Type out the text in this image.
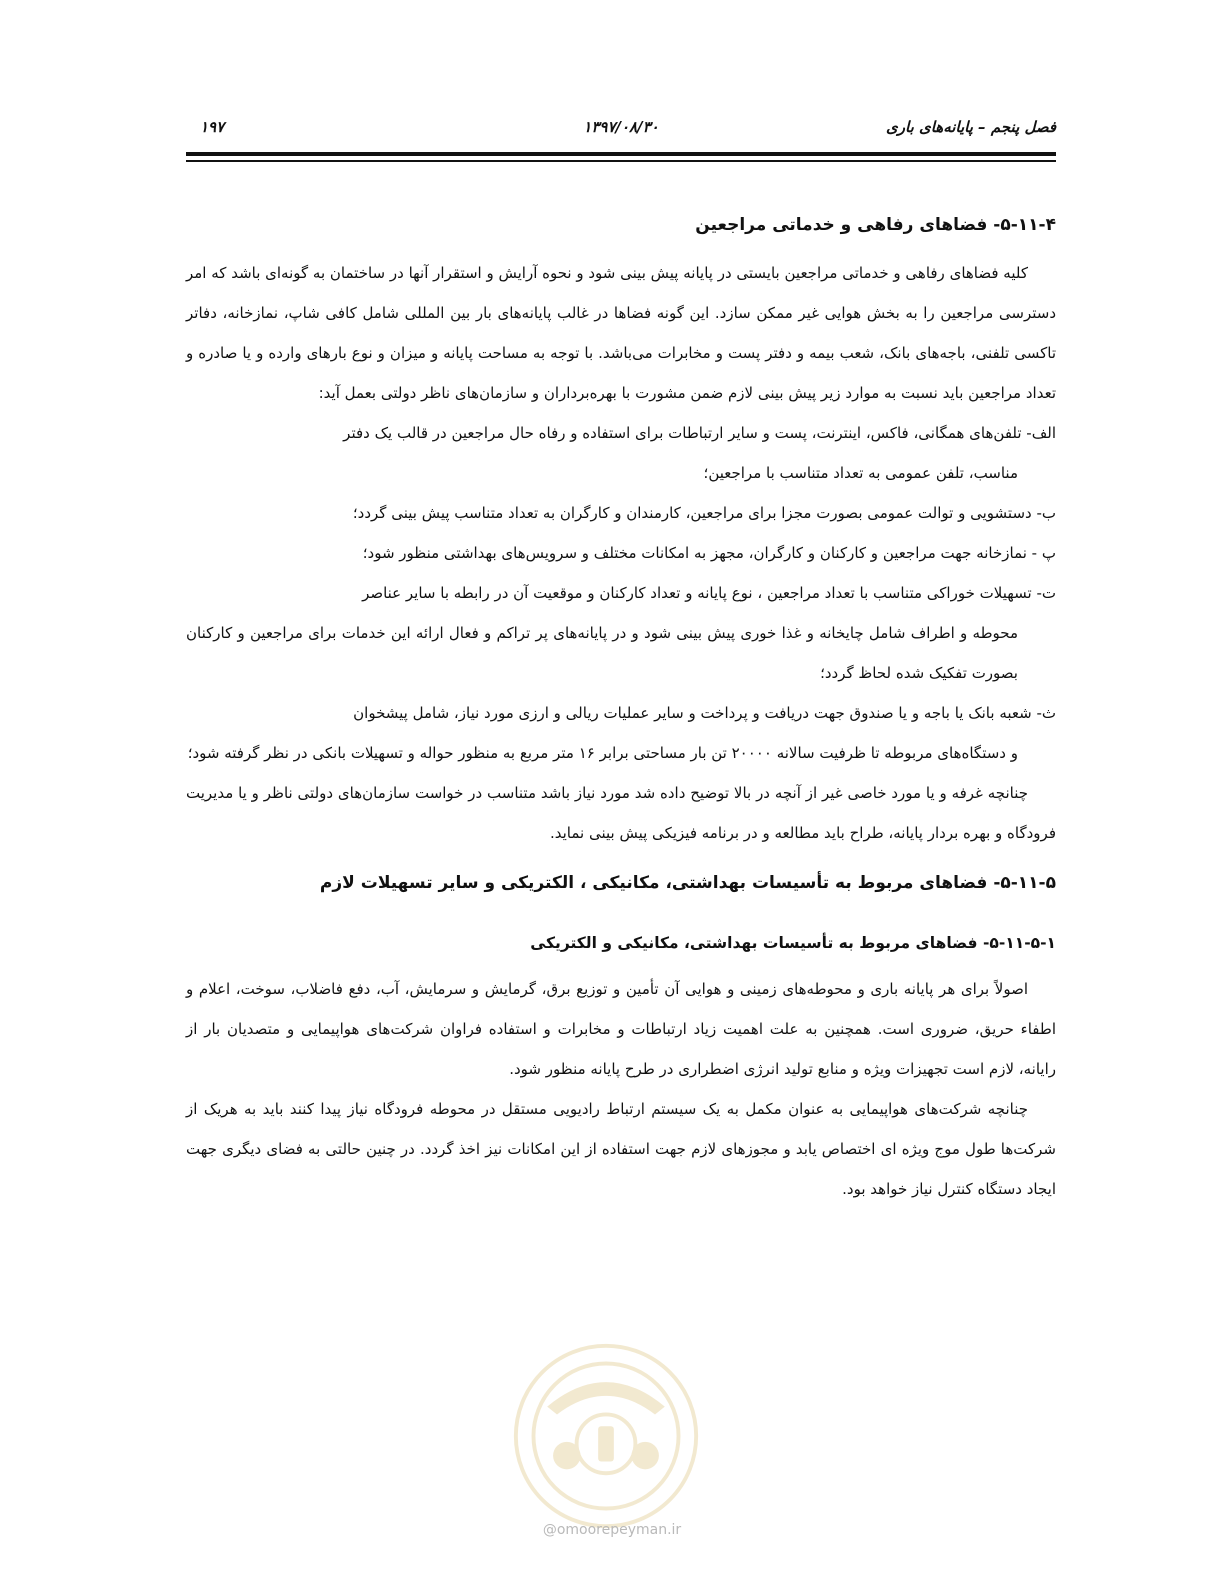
فصل پنجم – پایانه‌های باری
۱۳۹۷/۰۸/۳۰
۱۹۷
۵-۱۱-۴- فضاهای رفاهی و خدماتی مراجعین

کلیه فضاهای رفاهی و خدماتی مراجعین بایستی در پایانه پیش بینی شود و نحوه آرایش و استقرار آنها در ساختمان به گونه‌ای باشد که امر دسترسی مراجعین را به بخش هوایی غیر ممکن سازد. این گونه فضاها در غالب پایانه‌های بار بین المللی شامل کافی شاپ، نمازخانه، دفاتر تاکسی تلفنی، باجه‌های بانک، شعب بیمه و دفتر پست و مخابرات می‌باشد. با توجه به مساحت پایانه و میزان و نوع بارهای وارده و یا صادره و تعداد مراجعین باید نسبت به موارد زیر پیش بینی لازم ضمن مشورت با بهره‌برداران و سازمان‌های ناظر دولتی بعمل آید:

الف- تلفن‌های همگانی، فاکس، اینترنت، پست و سایر ارتباطات برای استفاده و رفاه حال مراجعین در قالب یک دفتر
مناسب، تلفن عمومی به تعداد متناسب با مراجعین؛

ب- دستشویی و توالت عمومی بصورت مجزا برای مراجعین، کارمندان و کارگران به تعداد متناسب پیش بینی گردد؛

پ - نمازخانه جهت مراجعین و کارکنان و کارگران، مجهز به امکانات مختلف و سرویس‌های بهداشتی منظور شود؛

ت- تسهیلات خوراکی متناسب با تعداد مراجعین ، نوع پایانه و تعداد کارکنان و موقعیت آن در رابطه با سایر عناصر
محوطه و اطراف شامل چایخانه و غذا خوری پیش بینی شود و در پایانه‌های پر تراکم و فعال ارائه این خدمات برای مراجعین و کارکنان بصورت تفکیک شده لحاظ گردد؛

ث- شعبه بانک یا باجه و یا صندوق جهت دریافت و پرداخت و سایر عملیات ریالی و ارزی مورد نیاز، شامل پیشخوان
و دستگاه‌های مربوطه تا ظرفیت سالانه ۲۰۰۰۰ تن بار مساحتی برابر ۱۶ متر مربع به منظور حواله و تسهیلات بانکی در نظر گرفته شود؛

چنانچه غرفه و یا مورد خاصی غیر از آنچه در بالا توضیح داده شد مورد نیاز باشد متناسب در خواست سازمان‌های دولتی ناظر و یا مدیریت فرودگاه و بهره بردار پایانه، طراح باید مطالعه و در برنامه فیزیکی پیش بینی نماید.

۵-۱۱-۵- فضاهای مربوط به تأسیسات بهداشتی، مکانیکی ، الکتریکی و سایر تسهیلات لازم
۵-۱۱-۵-۱- فضاهای مربوط به تأسیسات بهداشتی، مکانیکی و الکتریکی

اصولاً برای هر پایانه باری و محوطه‌های زمینی و هوایی آن تأمین و توزیع برق، گرمایش و سرمایش، آب، دفع فاضلاب، سوخت، اعلام و اطفاء حریق، ضروری است. همچنین به علت اهمیت زیاد ارتباطات و مخابرات و استفاده فراوان شرکت‌های هواپیمایی و متصدیان بار از رایانه، لازم است تجهیزات ویژه و منابع تولید انرژی اضطراری در طرح پایانه منظور شود.

چنانچه شرکت‌های هواپیمایی به عنوان مکمل به یک سیستم ارتباط رادیویی مستقل در محوطه فرودگاه نیاز پیدا کنند باید به هریک از شرکت‌ها طول موج ویژه ای اختصاص یابد و مجوزهای لازم جهت استفاده از این امکانات نیز اخذ گردد. در چنین حالتی به فضای دیگری جهت ایجاد دستگاه کنترل نیاز خواهد بود.

@omoorepeyman.ir
